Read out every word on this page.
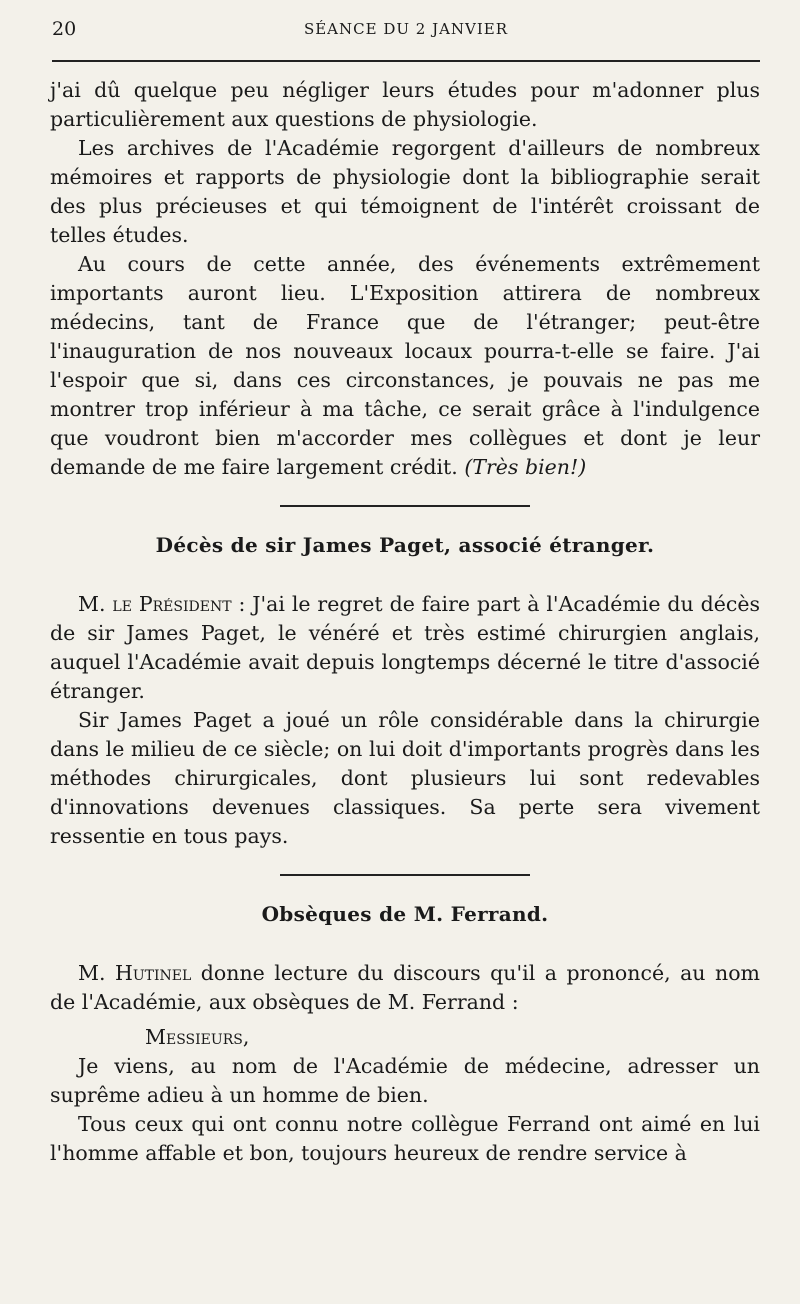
20	SÉANCE DU 2 JANVIER

j'ai dû quelque peu négliger leurs études pour m'adonner plus particulièrement aux questions de physiologie.

Les archives de l'Académie regorgent d'ailleurs de nombreux mémoires et rapports de physiologie dont la bibliographie serait des plus précieuses et qui témoignent de l'intérêt croissant de telles études.

Au cours de cette année, des événements extrêmement importants auront lieu. L'Exposition attirera de nombreux médecins, tant de France que de l'étranger; peut-être l'inauguration de nos nouveaux locaux pourra-t-elle se faire. J'ai l'espoir que si, dans ces circonstances, je pouvais ne pas me montrer trop inférieur à ma tâche, ce serait grâce à l'indulgence que voudront bien m'accorder mes collègues et dont je leur demande de me faire largement crédit. (Très bien!)

Décès de sir James Paget, associé étranger.

M. le Président : J'ai le regret de faire part à l'Académie du décès de sir James Paget, le vénéré et très estimé chirurgien anglais, auquel l'Académie avait depuis longtemps décerné le titre d'associé étranger.

Sir James Paget a joué un rôle considérable dans la chirurgie dans le milieu de ce siècle; on lui doit d'importants progrès dans les méthodes chirurgicales, dont plusieurs lui sont redevables d'innovations devenues classiques. Sa perte sera vivement ressentie en tous pays.

Obsèques de M. Ferrand.

M. Hutinel donne lecture du discours qu'il a prononcé, au nom de l'Académie, aux obsèques de M. Ferrand :

Messieurs,

Je viens, au nom de l'Académie de médecine, adresser un suprême adieu à un homme de bien.

Tous ceux qui ont connu notre collègue Ferrand ont aimé en lui l'homme affable et bon, toujours heureux de rendre service à
